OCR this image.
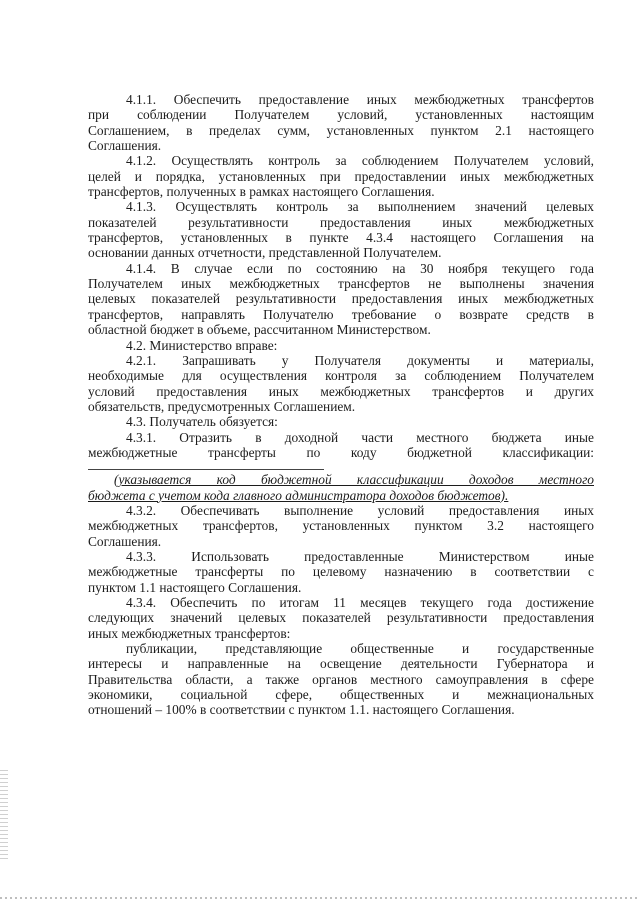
4.1.1. Обеспечить предоставление иных межбюджетных трансфертов
при соблюдении Получателем условий, установленных настоящим
Соглашением, в пределах сумм, установленных пунктом 2.1 настоящего
Соглашения.
4.1.2. Осуществлять контроль за соблюдением Получателем условий,
целей и порядка, установленных при предоставлении иных межбюджетных
трансфертов, полученных в рамках настоящего Соглашения.
4.1.3. Осуществлять контроль за выполнением значений целевых
показателей результативности предоставления иных межбюджетных
трансфертов, установленных в пункте 4.3.4 настоящего Соглашения на
основании данных отчетности, представленной Получателем.
4.1.4. В случае если по состоянию на 30 ноября текущего года
Получателем иных межбюджетных трансфертов не выполнены значения
целевых показателей результативности предоставления иных межбюджетных
трансфертов, направлять Получателю требование о возврате средств в
областной бюджет в объеме, рассчитанном Министерством.
4.2. Министерство вправе:
4.2.1. Запрашивать у Получателя документы и материалы,
необходимые для осуществления контроля за соблюдением Получателем
условий предоставления иных межбюджетных трансфертов и других
обязательств, предусмотренных Соглашением.
4.3. Получатель обязуется:
4.3.1. Отразить в доходной части местного бюджета иные
межбюджетные трансферты по коду бюджетной классификации:
(указывается код бюджетной классификации доходов местного
бюджета с учетом кода главного администратора доходов бюджетов).
4.3.2. Обеспечивать выполнение условий предоставления иных
межбюджетных трансфертов, установленных пунктом 3.2 настоящего
Соглашения.
4.3.3. Использовать предоставленные Министерством иные
межбюджетные трансферты по целевому назначению в соответствии с
пунктом 1.1 настоящего Соглашения.
4.3.4. Обеспечить по итогам 11 месяцев текущего года достижение
следующих значений целевых показателей результативности предоставления
иных межбюджетных трансфертов:
публикации, представляющие общественные и государственные
интересы и направленные на освещение деятельности Губернатора и
Правительства области, а также органов местного самоуправления в сфере
экономики, социальной сфере, общественных и межнациональных
отношений – 100% в соответствии с пунктом 1.1. настоящего Соглашения.
